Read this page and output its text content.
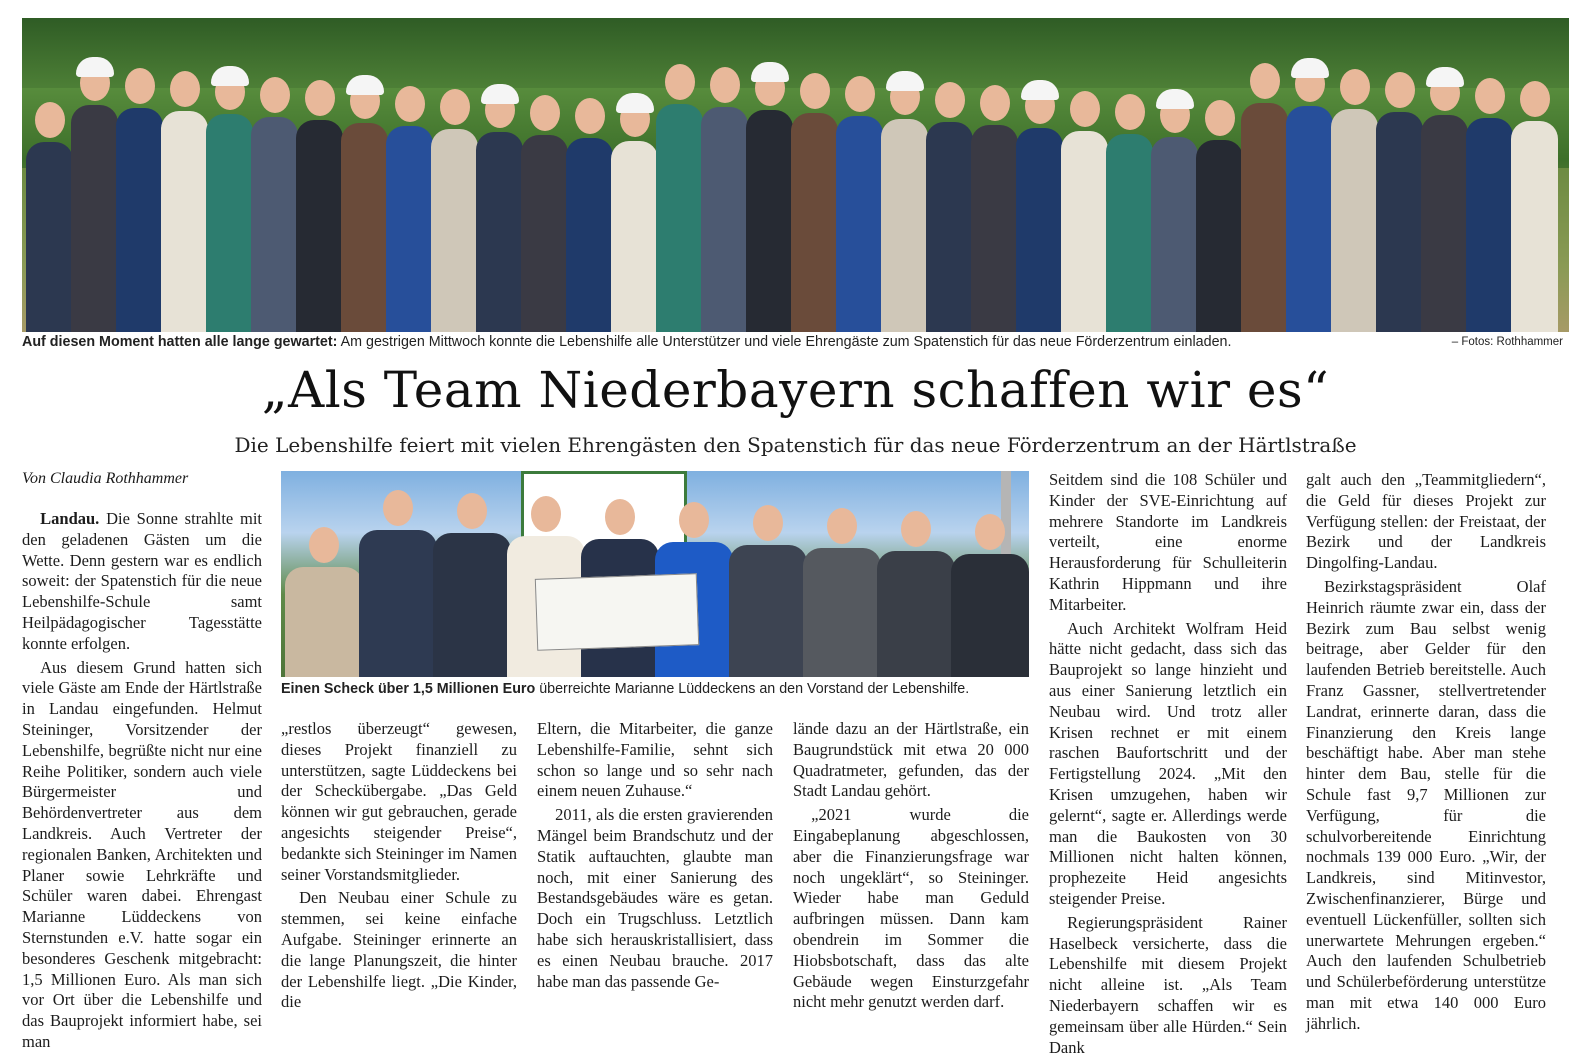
Auf diesen Moment hatten alle lange gewartet: Am gestrigen Mittwoch konnte die Lebenshilfe alle Unterstützer und viele Ehrengäste zum Spatenstich für das neue Förderzentrum einladen.	– Fotos: Rothhammer
„Als Team Niederbayern schaffen wir es“
Die Lebenshilfe feiert mit vielen Ehrengästen den Spatenstich für das neue Förderzentrum an der Härtlstraße
Von Claudia Rothhammer

Landau. Die Sonne strahlte mit den geladenen Gästen um die Wette. Denn gestern war es endlich soweit: der Spatenstich für die neue Lebenshilfe-Schule samt Heilpädagogischer Tagesstätte konnte erfolgen.

Aus diesem Grund hatten sich viele Gäste am Ende der Härtlstraße in Landau eingefunden. Helmut Steininger, Vorsitzender der Lebenshilfe, begrüßte nicht nur eine Reihe Politiker, sondern auch viele Bürgermeister und Behördenvertreter aus dem Landkreis. Auch Vertreter der regionalen Banken, Architekten und Planer sowie Lehrkräfte und Schüler waren dabei. Ehrengast Marianne Lüddeckens von Sternstunden e.V. hatte sogar ein besonderes Geschenk mitgebracht: 1,5 Millionen Euro. Als man sich vor Ort über die Lebenshilfe und das Bauprojekt informiert habe, sei man

Einen Scheck über 1,5 Millionen Euro überreichte Marianne Lüddeckens an den Vorstand der Lebenshilfe.

„restlos überzeugt“ gewesen, dieses Projekt finanziell zu unterstützen, sagte Lüddeckens bei der Scheckübergabe. „Das Geld können wir gut gebrauchen, gerade angesichts steigender Preise“, bedankte sich Steininger im Namen seiner Vorstandsmitglieder.

Den Neubau einer Schule zu stemmen, sei keine einfache Aufgabe. Steininger erinnerte an die lange Planungszeit, die hinter der Lebenshilfe liegt. „Die Kinder, die

Eltern, die Mitarbeiter, die ganze Lebenshilfe-Familie, sehnt sich schon so lange und so sehr nach einem neuen Zuhause.“

2011, als die ersten gravierenden Mängel beim Brandschutz und der Statik auftauchten, glaubte man noch, mit einer Sanierung des Bestandsgebäudes wäre es getan. Doch ein Trugschluss. Letztlich habe sich herauskristallisiert, dass es einen Neubau brauche. 2017 habe man das passende Ge-

lände dazu an der Härtlstraße, ein Baugrundstück mit etwa 20 000 Quadratmeter, gefunden, das der Stadt Landau gehört.

„2021 wurde die Eingabeplanung abgeschlossen, aber die Finanzierungsfrage war noch ungeklärt“, so Steininger. Wieder habe man Geduld aufbringen müssen. Dann kam obendrein im Sommer die Hiobsbotschaft, dass das alte Gebäude wegen Einsturzgefahr nicht mehr genutzt werden darf.

Seitdem sind die 108 Schüler und Kinder der SVE-Einrichtung auf mehrere Standorte im Landkreis verteilt, eine enorme Herausforderung für Schulleiterin Kathrin Hippmann und ihre Mitarbeiter.

Auch Architekt Wolfram Heid hätte nicht gedacht, dass sich das Bauprojekt so lange hinzieht und aus einer Sanierung letztlich ein Neubau wird. Und trotz aller Krisen rechnet er mit einem raschen Baufortschritt und der Fertigstellung 2024. „Mit den Krisen umzugehen, haben wir gelernt“, sagte er. Allerdings werde man die Baukosten von 30 Millionen nicht halten können, prophezeite Heid angesichts steigender Preise.

Regierungspräsident Rainer Haselbeck versicherte, dass die Lebenshilfe mit diesem Projekt nicht alleine ist. „Als Team Niederbayern schaffen wir es gemeinsam über alle Hürden.“ Sein Dank

galt auch den „Teammitgliedern“, die Geld für dieses Projekt zur Verfügung stellen: der Freistaat, der Bezirk und der Landkreis Dingolfing-Landau.

Bezirkstagspräsident Olaf Heinrich räumte zwar ein, dass der Bezirk zum Bau selbst wenig beitrage, aber Gelder für den laufenden Betrieb bereitstelle. Auch Franz Gassner, stellvertretender Landrat, erinnerte daran, dass die Finanzierung den Kreis lange beschäftigt habe. Aber man stehe hinter dem Bau, stelle für die Schule fast 9,7 Millionen zur Verfügung, für die schulvorbereitende Einrichtung nochmals 139 000 Euro. „Wir, der Landkreis, sind Mitinvestor, Zwischenfinanzierer, Bürge und eventuell Lückenfüller, sollten sich unerwartete Mehrungen ergeben.“ Auch den laufenden Schulbetrieb und Schülerbeförderung unterstütze man mit etwa 140 000 Euro jährlich.
